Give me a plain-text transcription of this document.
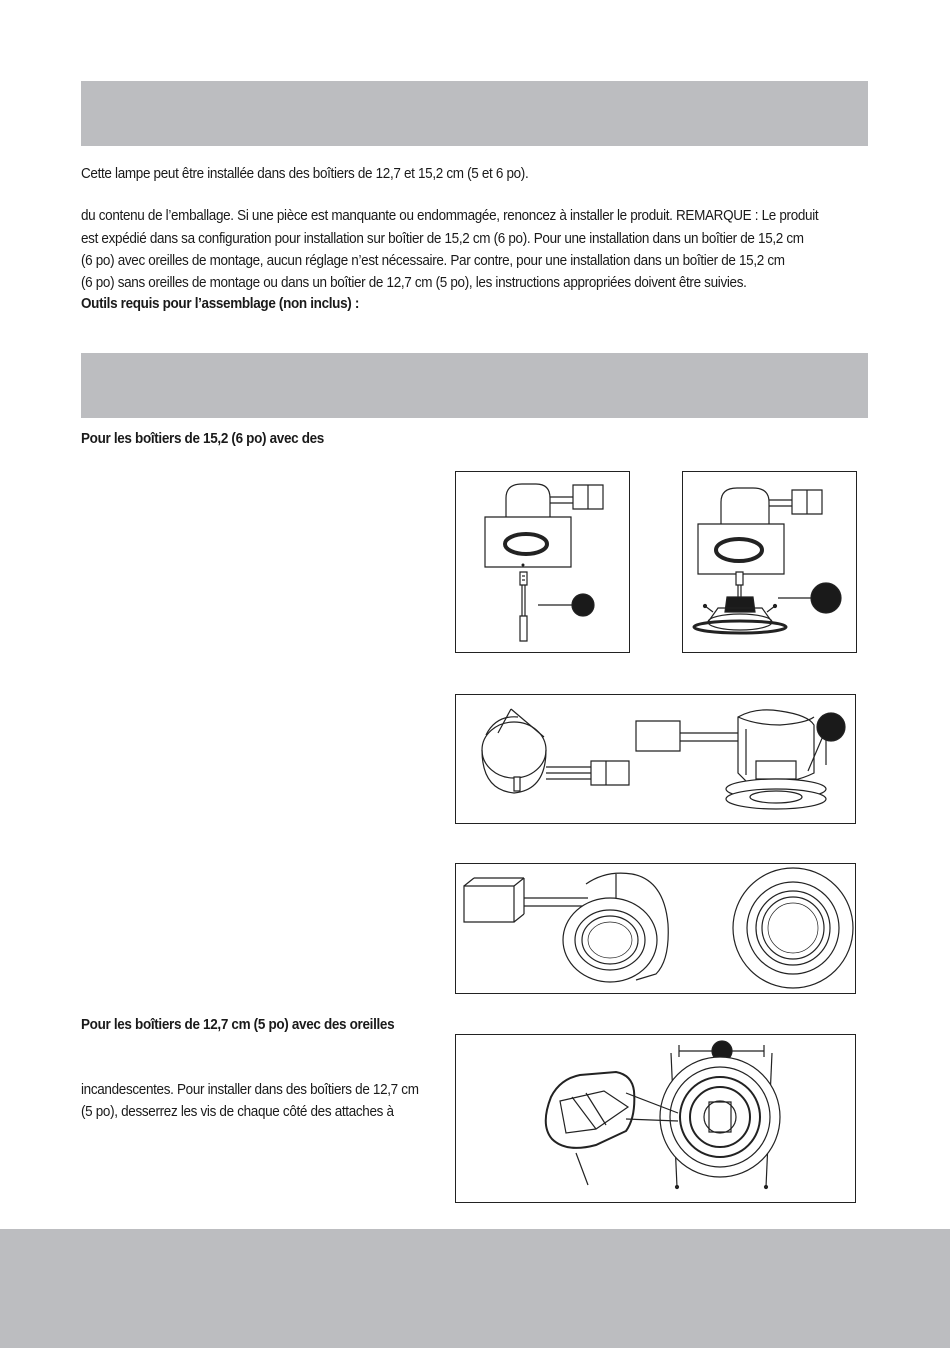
Cette lampe peut être installée dans des boîtiers de 12,7 et 15,2 cm (5 et 6 po).
du contenu de l’emballage. Si une pièce est manquante ou endommagée, renoncez à installer le produit. REMARQUE : Le produit
est expédié dans sa configuration pour installation sur boîtier de 15,2 cm (6 po). Pour une installation dans un boîtier de 15,2 cm
(6 po) avec oreilles de montage, aucun réglage n’est nécessaire. Par contre, pour une installation dans un boîtier de 15,2 cm
(6 po) sans oreilles de montage ou dans un boîtier de 12,7 cm (5 po), les instructions appropriées doivent être suivies.
Outils requis pour l’assemblage (non inclus) :
Pour les boîtiers de 15,2 (6 po) avec des
Pour les boîtiers de 12,7 cm (5 po) avec des oreilles
incandescentes. Pour installer dans des boîtiers de 12,7 cm
(5 po), desserrez les vis de chaque côté des attaches à
